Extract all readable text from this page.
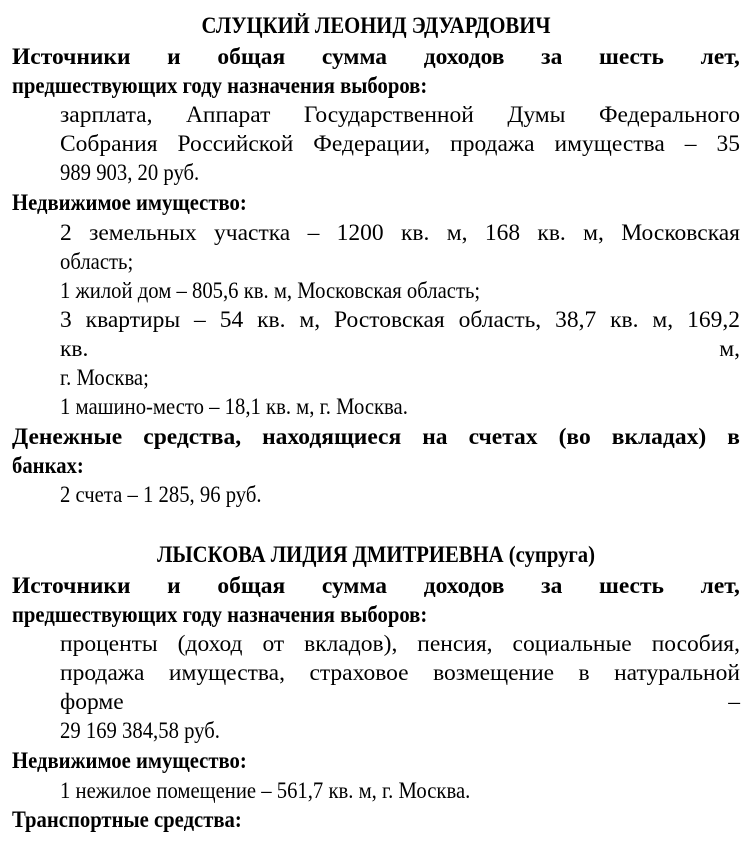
СЛУЦКИЙ ЛЕОНИД ЭДУАРДОВИЧ
Источники и общая сумма доходов за шесть лет,
предшествующих году назначения выборов:
зарплата, Аппарат Государственной Думы Федерального
Собрания Российской Федерации, продажа имущества – 35
989 903, 20 руб.
Недвижимое имущество:
2 земельных участка – 1200 кв. м, 168 кв. м, Московская
область;
1 жилой дом – 805,6 кв. м, Московская область;
3 квартиры – 54 кв. м, Ростовская область, 38,7 кв. м, 169,2
кв.	м,
г. Москва;
1 машино-место – 18,1 кв. м, г. Москва.
Денежные средства, находящиеся на счетах (во вкладах) в
банках:
2 счета – 1 285, 96 руб.
ЛЫСКОВА ЛИДИЯ ДМИТРИЕВНА (супруга)
Источники и общая сумма доходов за шесть лет,
предшествующих году назначения выборов:
проценты (доход от вкладов), пенсия, социальные пособия,
продажа имущества, страховое возмещение в натуральной
форме	–
29 169 384,58 руб.
Недвижимое имущество:
1 нежилое помещение – 561,7 кв. м, г. Москва.
Транспортные средства:
